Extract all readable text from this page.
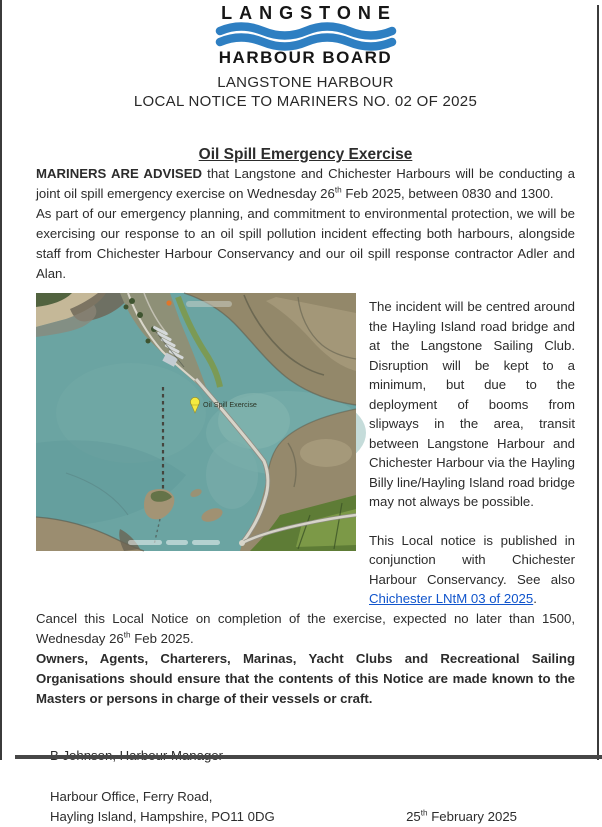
LANGSTONE
HARBOUR BOARD
LANGSTONE HARBOUR
LOCAL NOTICE TO MARINERS NO. 02 OF 2025
Oil Spill Emergency Exercise

MARINERS ARE ADVISED that Langstone and Chichester Harbours will be conducting a joint oil spill emergency exercise on Wednesday 26th Feb 2025, between 0830 and 1300.

As part of our emergency planning, and commitment to environmental protection, we will be exercising our response to an oil spill pollution incident effecting both harbours, alongside staff from Chichester Harbour Conservancy and our oil spill response contractor Adler and Alan.

Oil Spill Exercise

The incident will be centred around the Hayling Island road bridge and at the Langstone Sailing Club. Disruption will be kept to a minimum, but due to the deployment of booms from slipways in the area, transit between Langstone Harbour and Chichester Harbour via the Hayling Billy line/Hayling Island road bridge may not always be possible.

This Local notice is published in conjunction with Chichester Harbour Conservancy. See also Chichester LNtM 03 of 2025.

Cancel this Local Notice on completion of the exercise, expected no later than 1500, Wednesday 26th Feb 2025.

Owners, Agents, Charterers, Marinas, Yacht Clubs and Recreational Sailing Organisations should ensure that the contents of this Notice are made known to the Masters or persons in charge of their vessels or craft.

Harbour Office, Ferry Road,
Hayling Island, Hampshire, PO11 0DG	25th February 2025
